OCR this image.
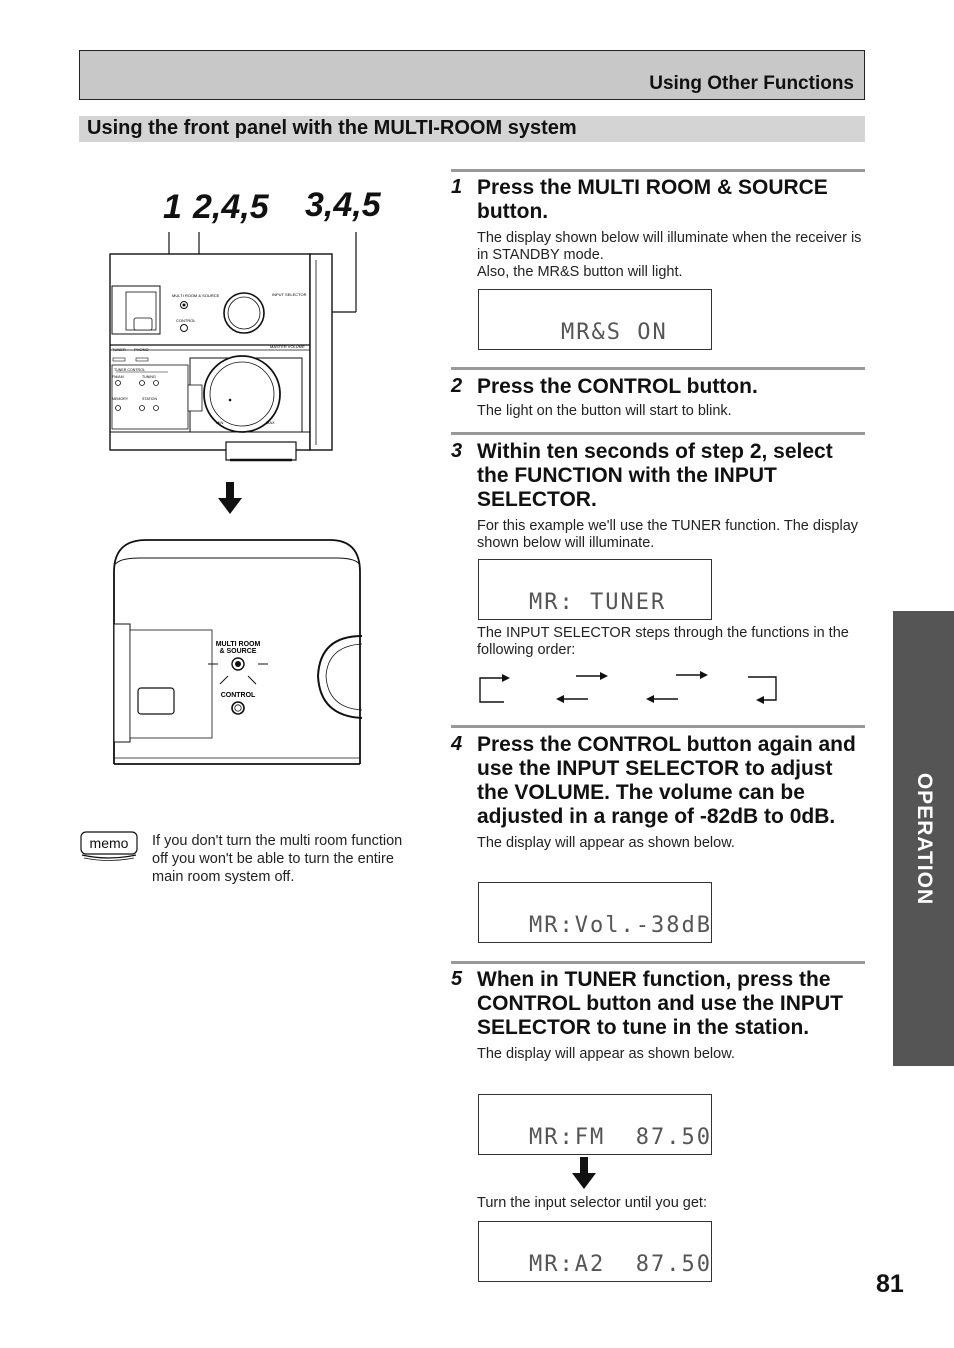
Using Other Functions
Using the front panel with the MULTI-ROOM system
1 2,4,5 3,4,5
MULTI ROOM & SOURCE
CONTROL
INPUT SELECTOR
MASTER VOLUME
TUNER PHONO
TUNER CONTROL
FM/AM	TUNING
MEMORY	STATION
MIN	MAX
MULTI ROOM
& SOURCE
CONTROL
memo If you don't turn the multi room function off you won't be able to turn the entire main room system off.
1 Press the MULTI ROOM & SOURCE button.
The display shown below will illuminate when the receiver is in STANDBY mode.
Also, the MR&S button will light.
MR&S ON
2 Press the CONTROL button.
The light on the button will start to blink.
3 Within ten seconds of step 2, select the FUNCTION with the INPUT SELECTOR.
For this example we'll use the TUNER function. The display shown below will illuminate.
MR: TUNER
The INPUT SELECTOR steps through the functions in the following order:
4 Press the CONTROL button again and use the INPUT SELECTOR to adjust the VOLUME. The volume can be adjusted in a range of -82dB to 0dB.
The display will appear as shown below.
MR:Vol.-38dB
5 When in TUNER function, press the CONTROL button and use the INPUT SELECTOR to tune in the station.
The display will appear as shown below.
MR:FM  87.50
Turn the input selector until you get:
MR:A2  87.50
OPERATION
81
